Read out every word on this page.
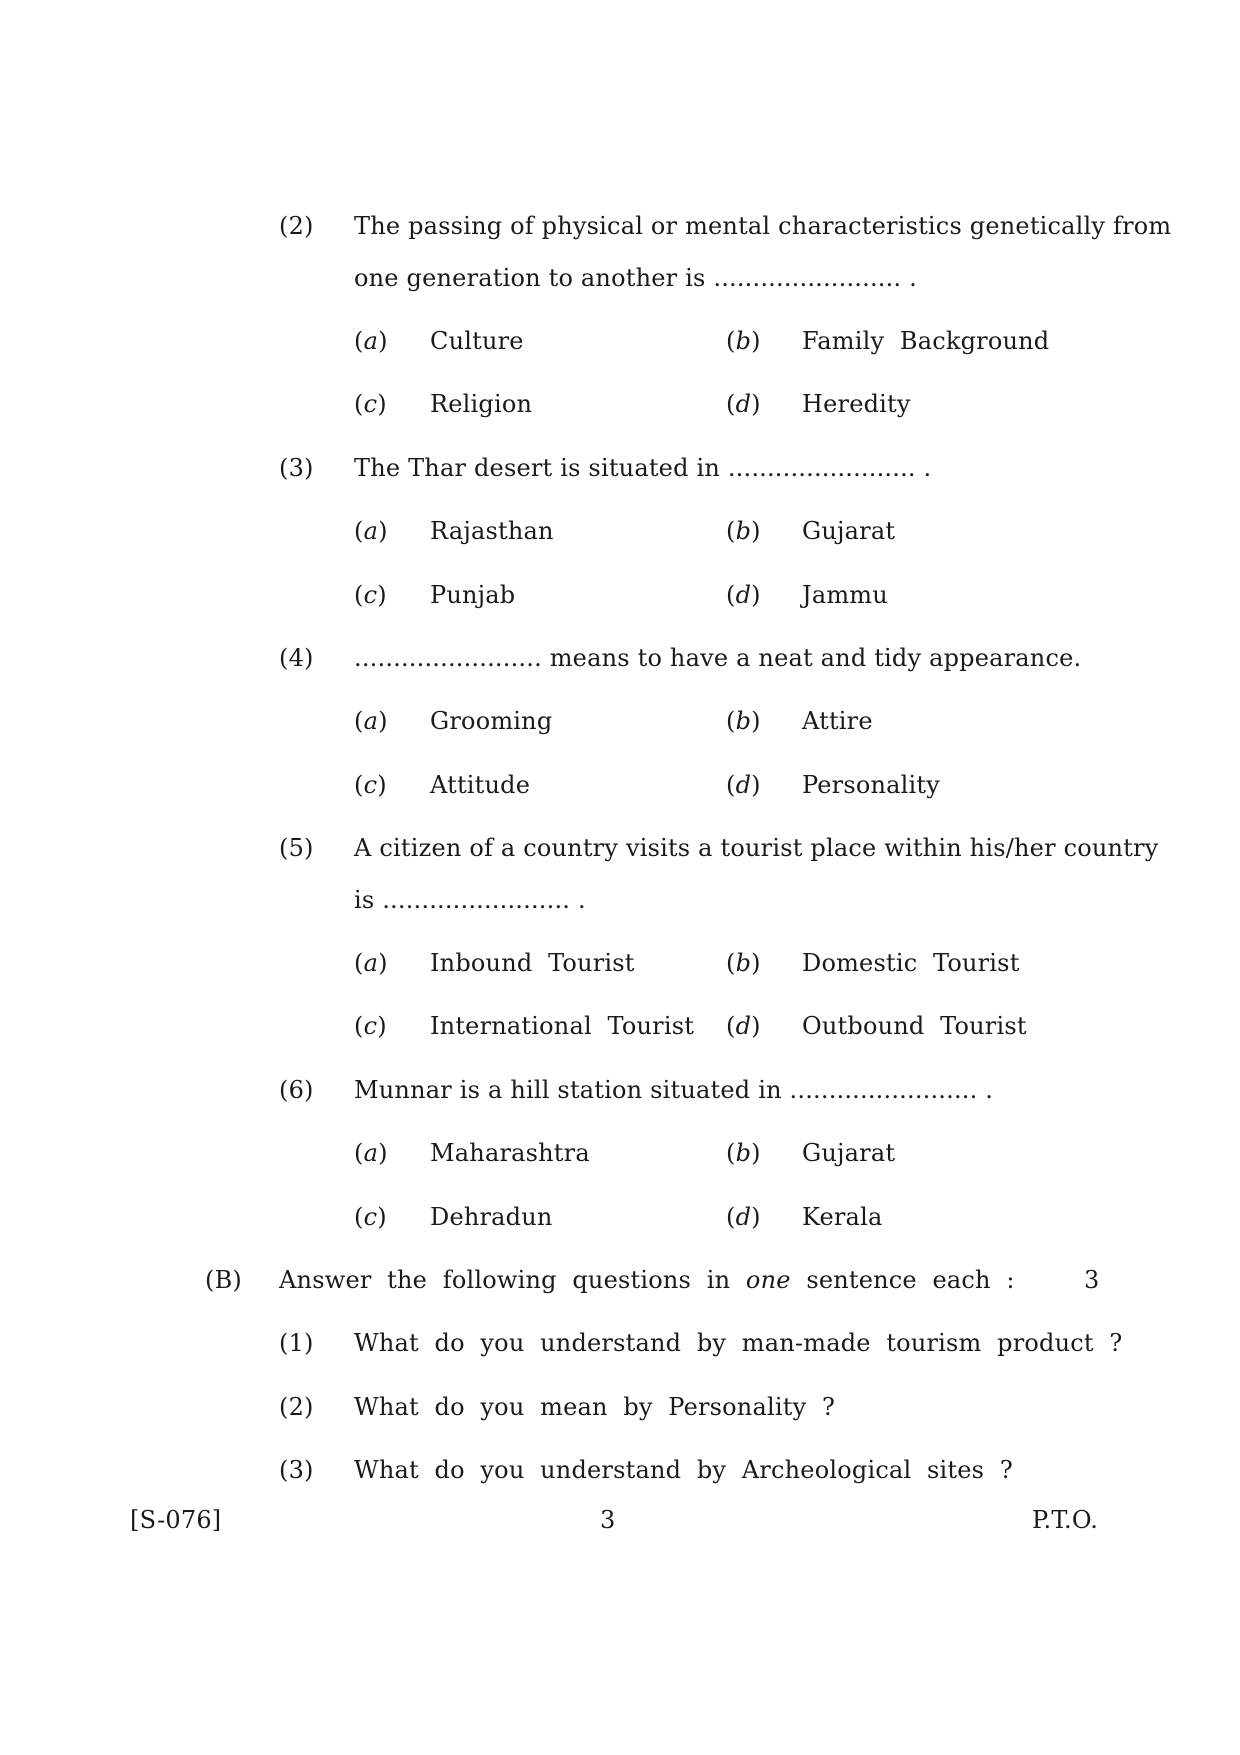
(2) The passing of physical or mental characteristics genetically from
one generation to another is ........................ .
(a) Culture	(b) Family  Background
(c) Religion	(d) Heredity
(3) The Thar desert is situated in ........................ .
(a) Rajasthan	(b) Gujarat
(c) Punjab	(d) Jammu
(4) ........................ means to have a neat and tidy appearance.
(a) Grooming	(b) Attire
(c) Attitude	(d) Personality
(5) A citizen of a country visits a tourist place within his/her country
is ........................ .
(a) Inbound  Tourist	(b) Domestic  Tourist
(c) International  Tourist (d) Outbound  Tourist
(6) Munnar is a hill station situated in ........................ .
(a) Maharashtra	(b) Gujarat
(c) Dehradun	(d) Kerala
(B) Answer  the  following  questions  in one sentence  each  :	3
(1) What  do  you  understand  by  man-made  tourism  product  ?
(2) What  do  you  mean  by  Personality  ?
(3) What  do  you  understand  by  Archeological  sites  ?
[S-076]	3	P.T.O.
